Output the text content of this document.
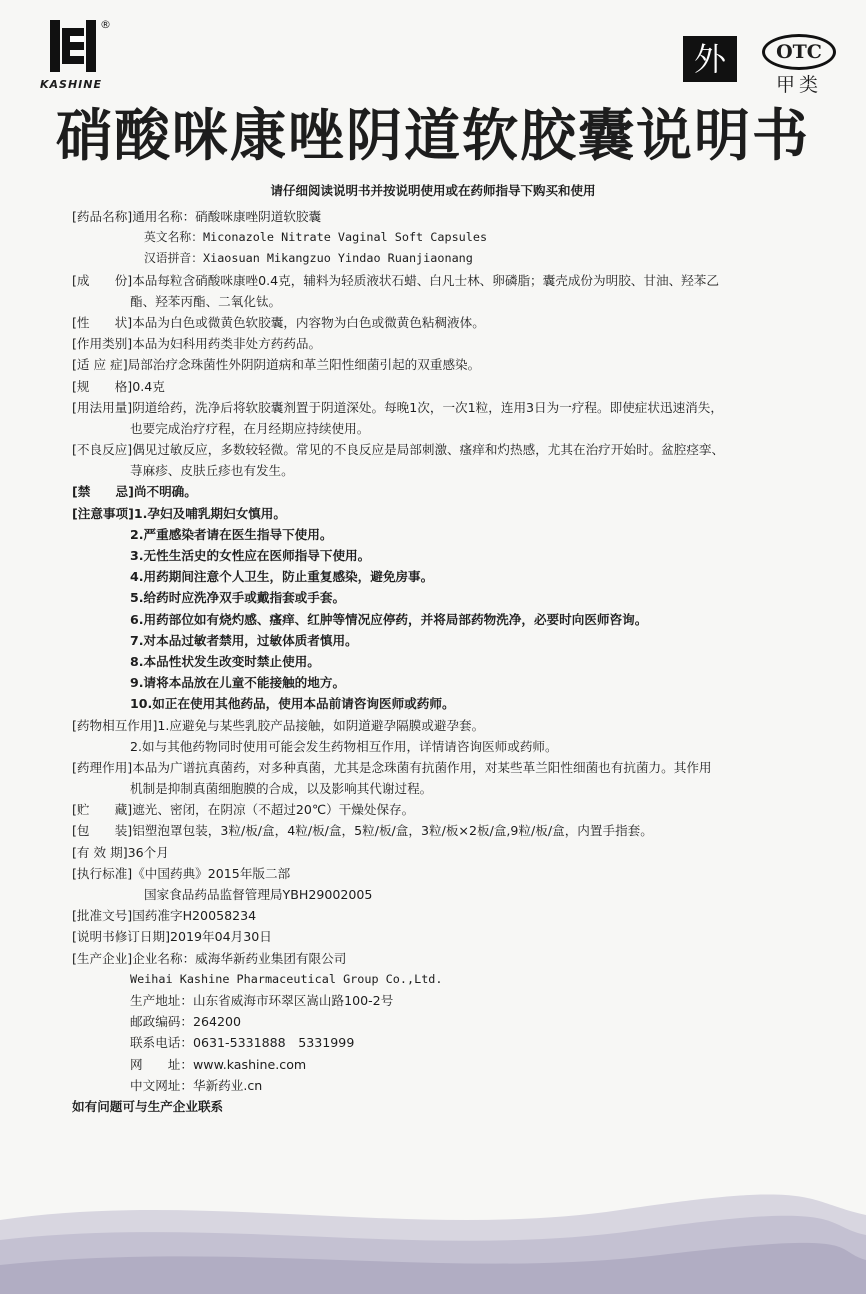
®
KASHINE
外	OTC
甲类
硝酸咪康唑阴道软胶囊说明书
请仔细阅读说明书并按说明使用或在药师指导下购买和使用
[药品名称]通用名称：硝酸咪康唑阴道软胶囊
英文名称：Miconazole Nitrate Vaginal Soft Capsules
汉语拼音：Xiaosuan Mikangzuo Yindao Ruanjiaonang
[成　　份]本品每粒含硝酸咪康唑0.4克，辅料为轻质液状石蜡、白凡士林、卵磷脂；囊壳成份为明胶、甘油、羟苯乙
酯、羟苯丙酯、二氧化钛。
[性　　状]本品为白色或微黄色软胶囊，内容物为白色或微黄色粘稠液体。
[作用类别]本品为妇科用药类非处方药药品。
[适 应 症]局部治疗念珠菌性外阴阴道病和革兰阳性细菌引起的双重感染。
[规　　格]0.4克
[用法用量]阴道给药，洗净后将软胶囊剂置于阴道深处。每晚1次，一次1粒，连用3日为一疗程。即使症状迅速消失，
也要完成治疗疗程，在月经期应持续使用。
[不良反应]偶见过敏反应，多数较轻微。常见的不良反应是局部刺激、瘙痒和灼热感，尤其在治疗开始时。盆腔痉挛、
荨麻疹、皮肤丘疹也有发生。
[禁　　忌]尚不明确。
[注意事项]1.孕妇及哺乳期妇女慎用。
2.严重感染者请在医生指导下使用。
3.无性生活史的女性应在医师指导下使用。
4.用药期间注意个人卫生，防止重复感染，避免房事。
5.给药时应洗净双手或戴指套或手套。
6.用药部位如有烧灼感、瘙痒、红肿等情况应停药，并将局部药物洗净，必要时向医师咨询。
7.对本品过敏者禁用，过敏体质者慎用。
8.本品性状发生改变时禁止使用。
9.请将本品放在儿童不能接触的地方。
10.如正在使用其他药品，使用本品前请咨询医师或药师。
[药物相互作用]1.应避免与某些乳胶产品接触，如阴道避孕隔膜或避孕套。
2.如与其他药物同时使用可能会发生药物相互作用，详情请咨询医师或药师。
[药理作用]本品为广谱抗真菌药，对多种真菌，尤其是念珠菌有抗菌作用，对某些革兰阳性细菌也有抗菌力。其作用
机制是抑制真菌细胞膜的合成，以及影响其代谢过程。
[贮　　藏]遮光、密闭，在阴凉（不超过20℃）干燥处保存。
[包　　装]铝塑泡罩包装，3粒/板/盒，4粒/板/盒，5粒/板/盒，3粒/板×2板/盒,9粒/板/盒，内置手指套。
[有 效 期]36个月
[执行标准]《中国药典》2015年版二部
国家食品药品监督管理局YBH29002005
[批准文号]国药准字H20058234
[说明书修订日期]2019年04月30日
[生产企业]企业名称：威海华新药业集团有限公司
Weihai Kashine Pharmaceutical Group Co.,Ltd.
生产地址：山东省威海市环翠区嵩山路100-2号
邮政编码：264200
联系电话：0631-5331888　5331999
网　　址：www.kashine.com
中文网址：华新药业.cn
如有问题可与生产企业联系
